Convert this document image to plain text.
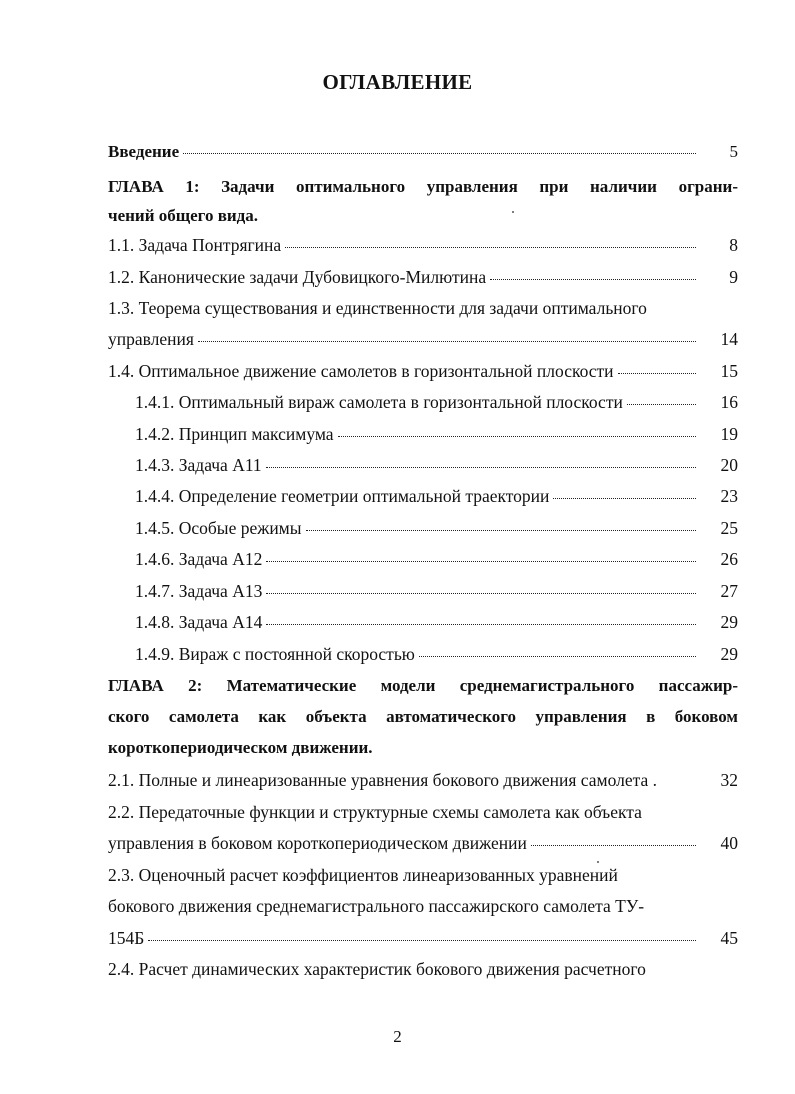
ОГЛАВЛЕНИЕ
Введение	5
ГЛАВА 1: Задачи оптимального управления при наличии ограни-
чений общего вида.
1.1. Задача Понтрягина	8
1.2. Канонические задачи Дубовицкого-Милютина	9
1.3. Теорема существования и единственности для задачи оптимального
управления	14
1.4. Оптимальное движение самолетов в горизонтальной плоскости	15
1.4.1. Оптимальный вираж самолета в горизонтальной плоскости	16
1.4.2. Принцип максимума	19
1.4.3. Задача А11	20
1.4.4. Определение геометрии оптимальной траектории	23
1.4.5. Особые режимы	25
1.4.6. Задача А12	26
1.4.7. Задача А13	27
1.4.8. Задача А14	29
1.4.9. Вираж с постоянной скоростью	29
ГЛАВА 2: Математические модели среднемагистрального пассажир-
ского самолета как объекта автоматического управления в боковом
короткопериодическом движении.
2.1. Полные и линеаризованные уравнения бокового движения самолета .	32
2.2. Передаточные функции и структурные схемы самолета как объекта
управления в боковом короткопериодическом движении	40
2.3. Оценочный расчет коэффициентов линеаризованных уравнений
бокового движения среднемагистрального пассажирского самолета ТУ-
154Б	45
2.4. Расчет динамических характеристик бокового движения расчетного
2
